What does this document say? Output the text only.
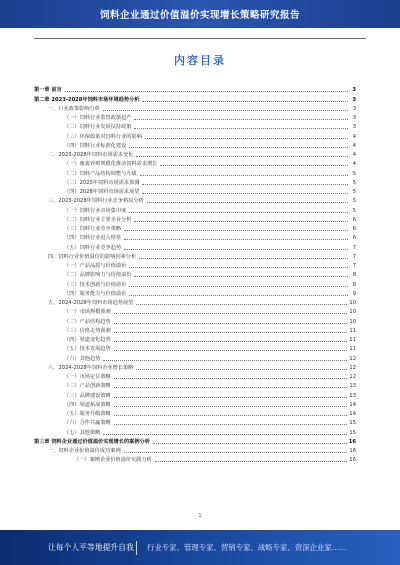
饲料企业通过价值溢价实现增长策略研究报告
内容目录
第一章 前言	3
第二章 2023-2028年饲料市场环境趋势分析	3
一、行业政策影响分析	3
（一）饲料行业监管政策趋严	3
（二）饲料行业发展扶持政策	3
（三）环保政策对饲料行业的影响	4
（四）饲料行业标准化建设	4
二、2023-2028年饲料市场需求变化	4
（一）畜禽养殖规模化推动饲料需求增长	4
（二）饲料产品结构调整与升级	5
（三）2023年饲料市场需求预测	5
（四）2028年饲料市场需求展望	5
三、2023-2028年饲料行业竞争格局分析	5
（一）饲料行业市场集中度	5
（二）饲料行业主要企业分析	6
（三）饲料行业竞争策略	6
（四）饲料行业进入壁垒	6
（五）饲料行业竞争趋势	7
四、饲料行业价值溢价的影响因素分析	7
（一）产品品质与价值溢价	7
（二）品牌影响力与价值溢价	8
（三）技术创新与价值溢价	8
（四）服务能力与价值溢价	9
五、2024-2028年饲料市场趋势展望	10
（一）市场规模预测	10
（二）产品结构趋势	10
（三）价格走势预测	11
（四）渠道变化趋势	11
（五）技术发展趋势	11
（六）其他趋势	12
六、2024-2028年饲料企业增长策略	12
（一）市场定位策略	12
（二）产品创新策略	13
（三）品牌建设策略	13
（四）渠道拓展策略	14
（五）服务升级策略	14
（六）合作共赢策略	15
（七）其他策略	15
第三章 饲料企业通过价值溢价实现增长的案例分析	16
一、饲料企业价值溢价成功案例	16
（一）案例企业价值溢价实践分析	16
1
让每个人平等地提升自我 行业专家、管理专家、营销专家、战略专家、资深企业家……
